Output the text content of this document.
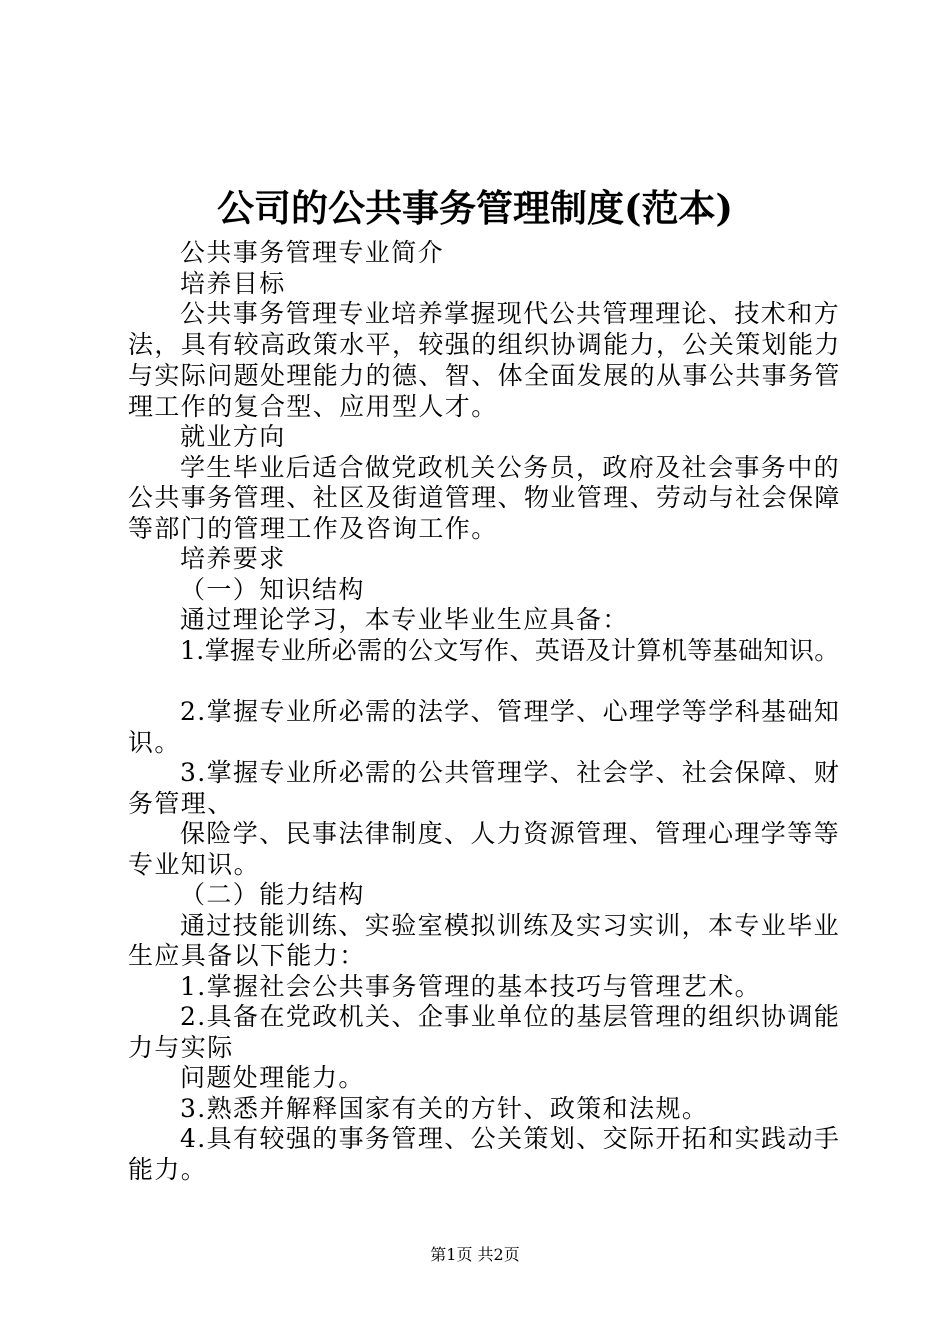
公司的公共事务管理制度(范本)
公共事务管理专业简介
培养目标
公共事务管理专业培养掌握现代公共管理理论、技术和方
法，具有较高政策水平，较强的组织协调能力，公关策划能力
与实际问题处理能力的德、智、体全面发展的从事公共事务管
理工作的复合型、应用型人才。
就业方向
学生毕业后适合做党政机关公务员，政府及社会事务中的
公共事务管理、社区及街道管理、物业管理、劳动与社会保障
等部门的管理工作及咨询工作。
培养要求
（一）知识结构
通过理论学习，本专业毕业生应具备：
1.掌握专业所必需的公文写作、英语及计算机等基础知识。
2.掌握专业所必需的法学、管理学、心理学等学科基础知
识。
3.掌握专业所必需的公共管理学、社会学、社会保障、财
务管理、
保险学、民事法律制度、人力资源管理、管理心理学等等
专业知识。
（二）能力结构
通过技能训练、实验室模拟训练及实习实训，本专业毕业
生应具备以下能力：
1.掌握社会公共事务管理的基本技巧与管理艺术。
2.具备在党政机关、企事业单位的基层管理的组织协调能
力与实际
问题处理能力。
3.熟悉并解释国家有关的方针、政策和法规。
4.具有较强的事务管理、公关策划、交际开拓和实践动手
能力。
第1页 共2页
